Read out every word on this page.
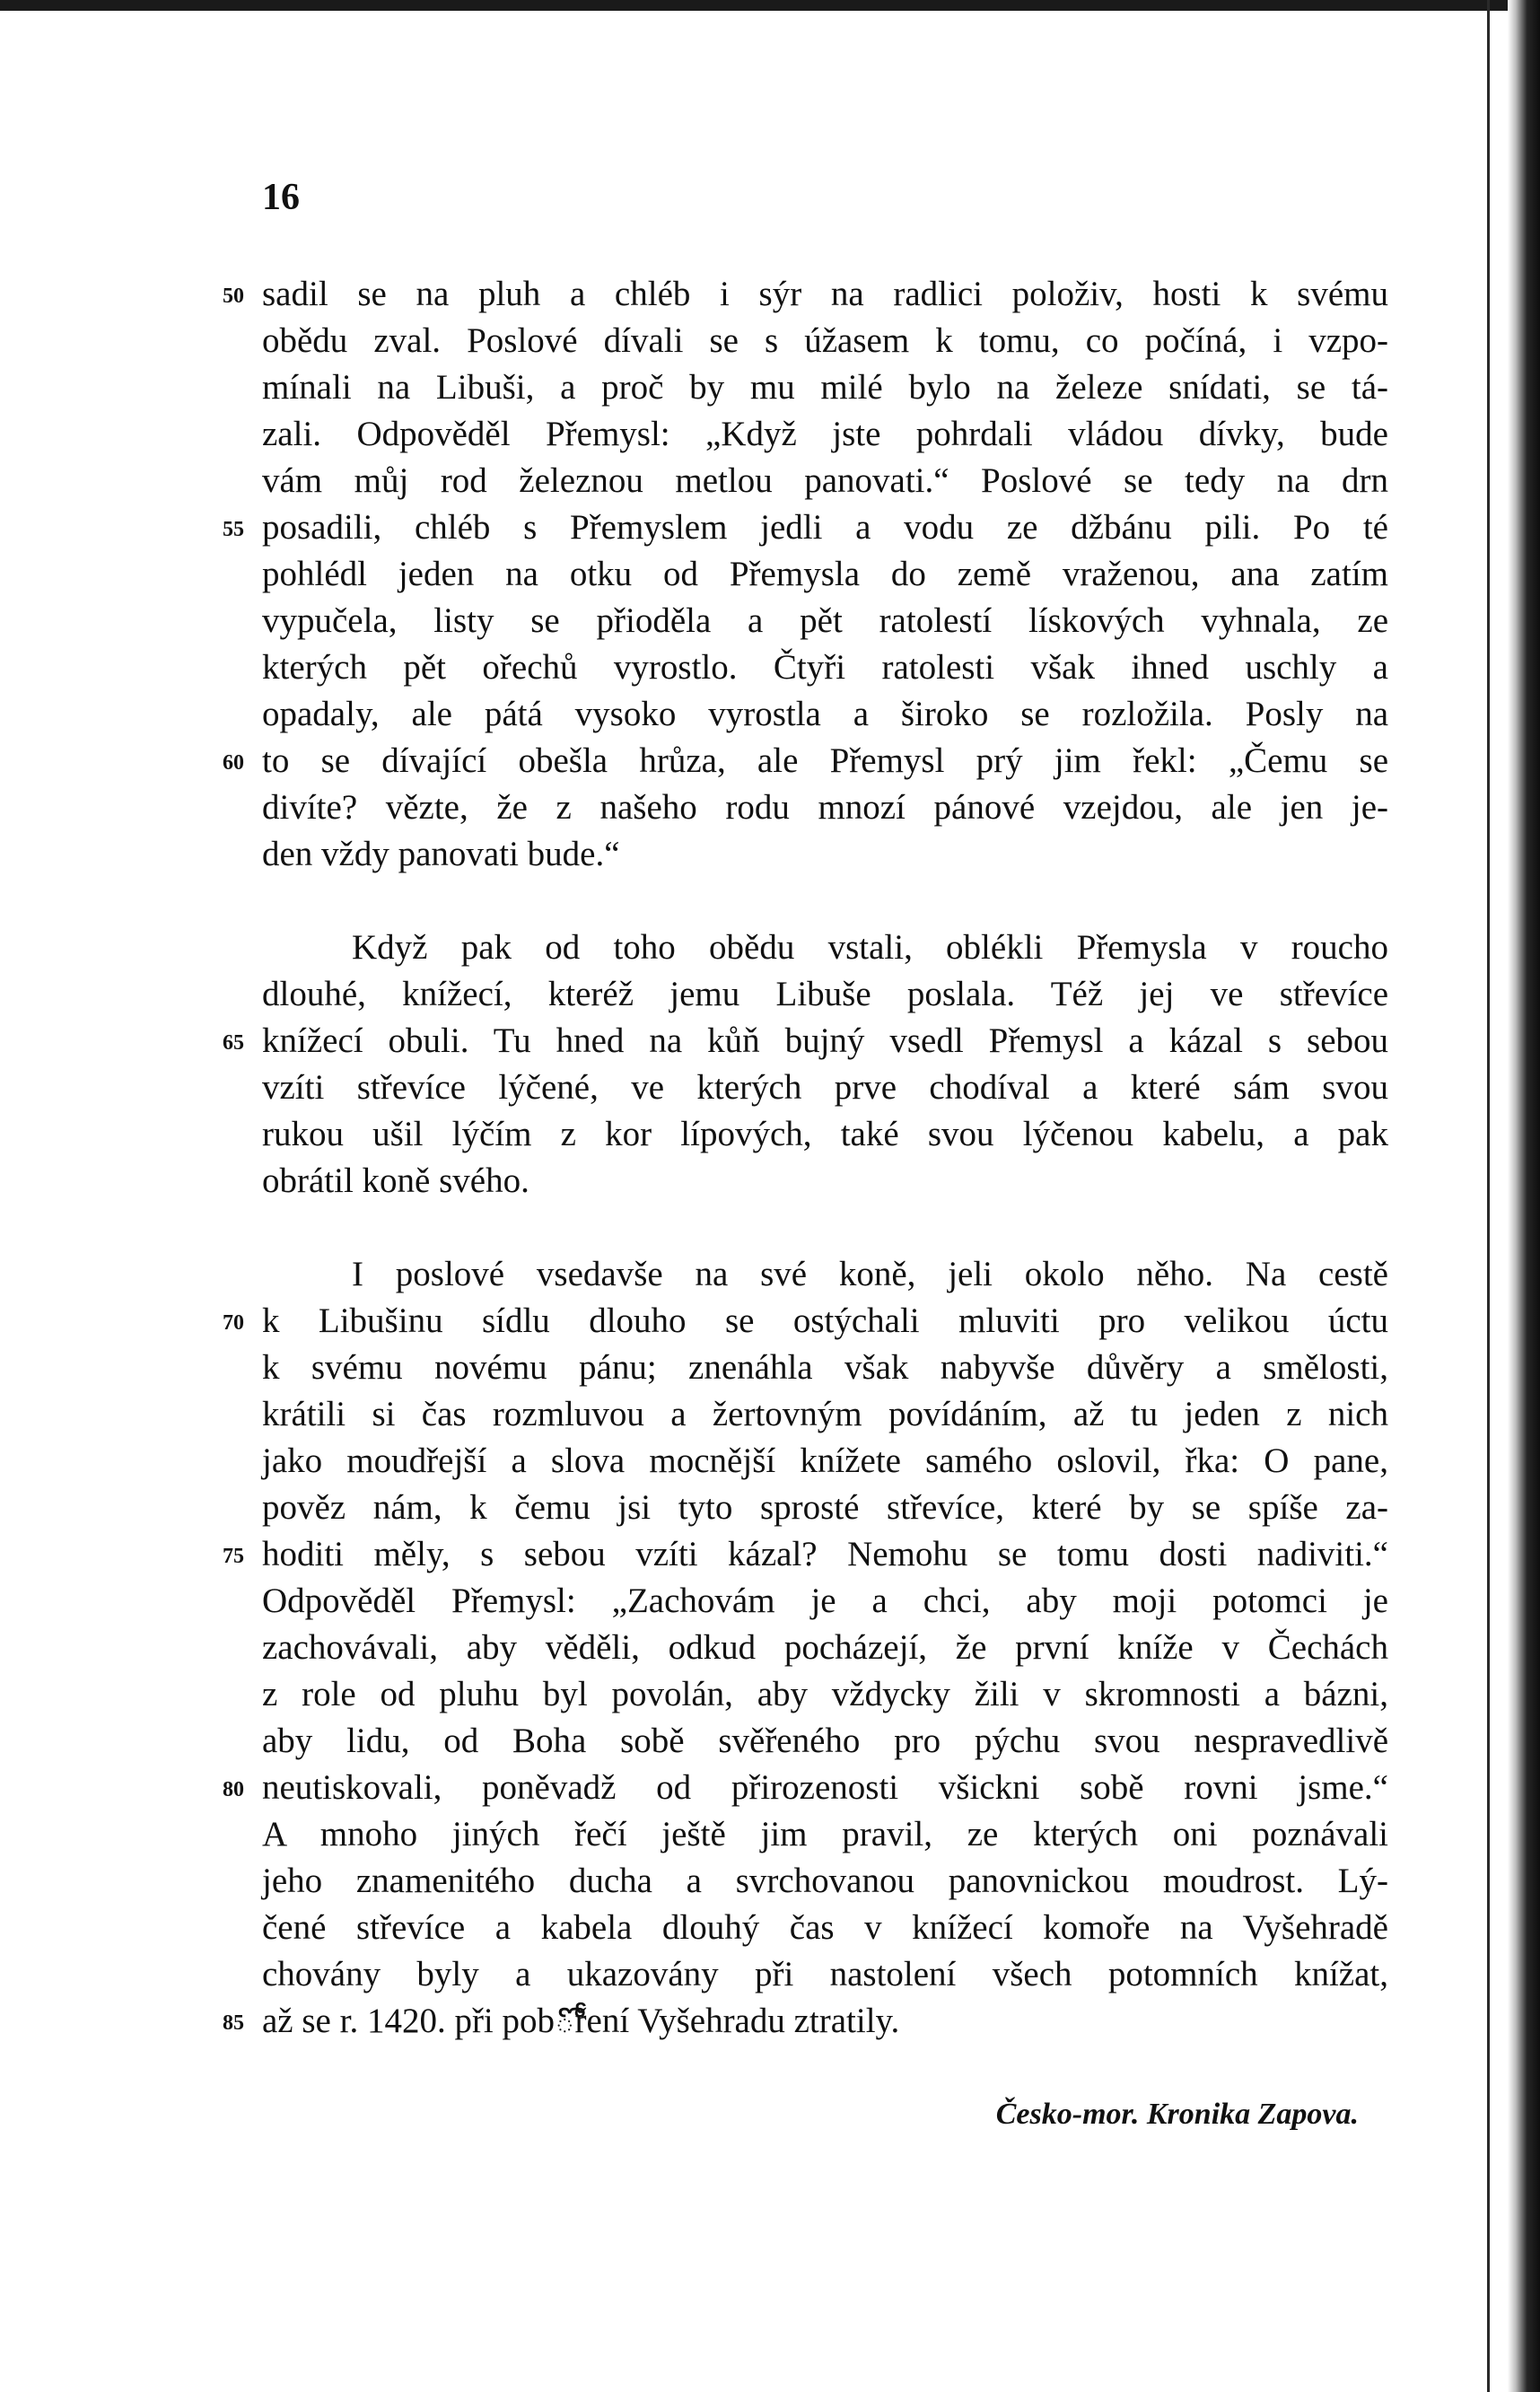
16
sadil se na pluh a chléb i sýr na radlici položiv, hosti k svému
obědu zval. Poslové dívali se s úžasem k tomu, co počíná, i vzpo-
mínali na Libuši, a proč by mu milé bylo na železe snídati, se tá-
zali. Odpověděl Přemysl: „Když jste pohrdali vládou dívky, bude
vám můj rod železnou metlou panovati.“ Poslové se tedy na drn
posadili, chléb s Přemyslem jedli a vodu ze džbánu pili. Po té
pohlédl jeden na otku od Přemysla do země vraženou, ana zatím
vypučela, listy se přioděla a pět ratolestí lískových vyhnala, ze
kterých pět ořechů vyrostlo. Čtyři ratolesti však ihned uschly a
opadaly, ale pátá vysoko vyrostla a široko se rozložila. Posly na
to se dívající obešla hrůza, ale Přemysl prý jim řekl: „Čemu se
divíte? vězte, že z našeho rodu mnozí pánové vzejdou, ale jen je-
den vždy panovati bude.“
Když pak od toho obědu vstali, oblékli Přemysla v roucho
dlouhé, knížecí, kteréž jemu Libuše poslala. Též jej ve střevíce
knížecí obuli. Tu hned na kůň bujný vsedl Přemysl a kázal s sebou
vzíti střevíce lýčené, ve kterých prve chodíval a které sám svou
rukou ušil lýčím z kor lípových, také svou lýčenou kabelu, a pak
obrátil koně svého.
I poslové vsedavše na své koně, jeli okolo něho. Na cestě
k Libušinu sídlu dlouho se ostýchali mluviti pro velikou úctu
k svému novému pánu; znenáhla však nabyvše důvěry a smělosti,
krátili si čas rozmluvou a žertovným povídáním, až tu jeden z nich
jako moudřejší a slova mocnější knížete samého oslovil, řka: O pane,
pověz nám, k čemu jsi tyto sprosté střevíce, které by se spíše za-
hoditi měly, s sebou vzíti kázal? Nemohu se tomu dosti nadiviti.“
Odpověděl Přemysl: „Zachovám je a chci, aby moji potomci je
zachovávali, aby věděli, odkud pocházejí, že první kníže v Čechách
z role od pluhu byl povolán, aby vždycky žili v skromnosti a bázni,
aby lidu, od Boha sobě svěřeného pro pýchu svou nespravedlivě
neutiskovali, poněvadž od přirozenosti všickni sobě rovni jsme.“
A mnoho jiných řečí ještě jim pravil, ze kterých oni poznávali
jeho znamenitého ducha a svrchovanou panovnickou moudrost. Lý-
čené střevíce a kabela dlouhý čas v knížecí komoře na Vyšehradě
chovány byly a ukazovány při nastolení všech potomních knížat,
až se r. 1420. při pobోření Vyšehradu ztratily.
50
55
60
65
70
75
80
85
Česko-mor. Kronika Zapova.
